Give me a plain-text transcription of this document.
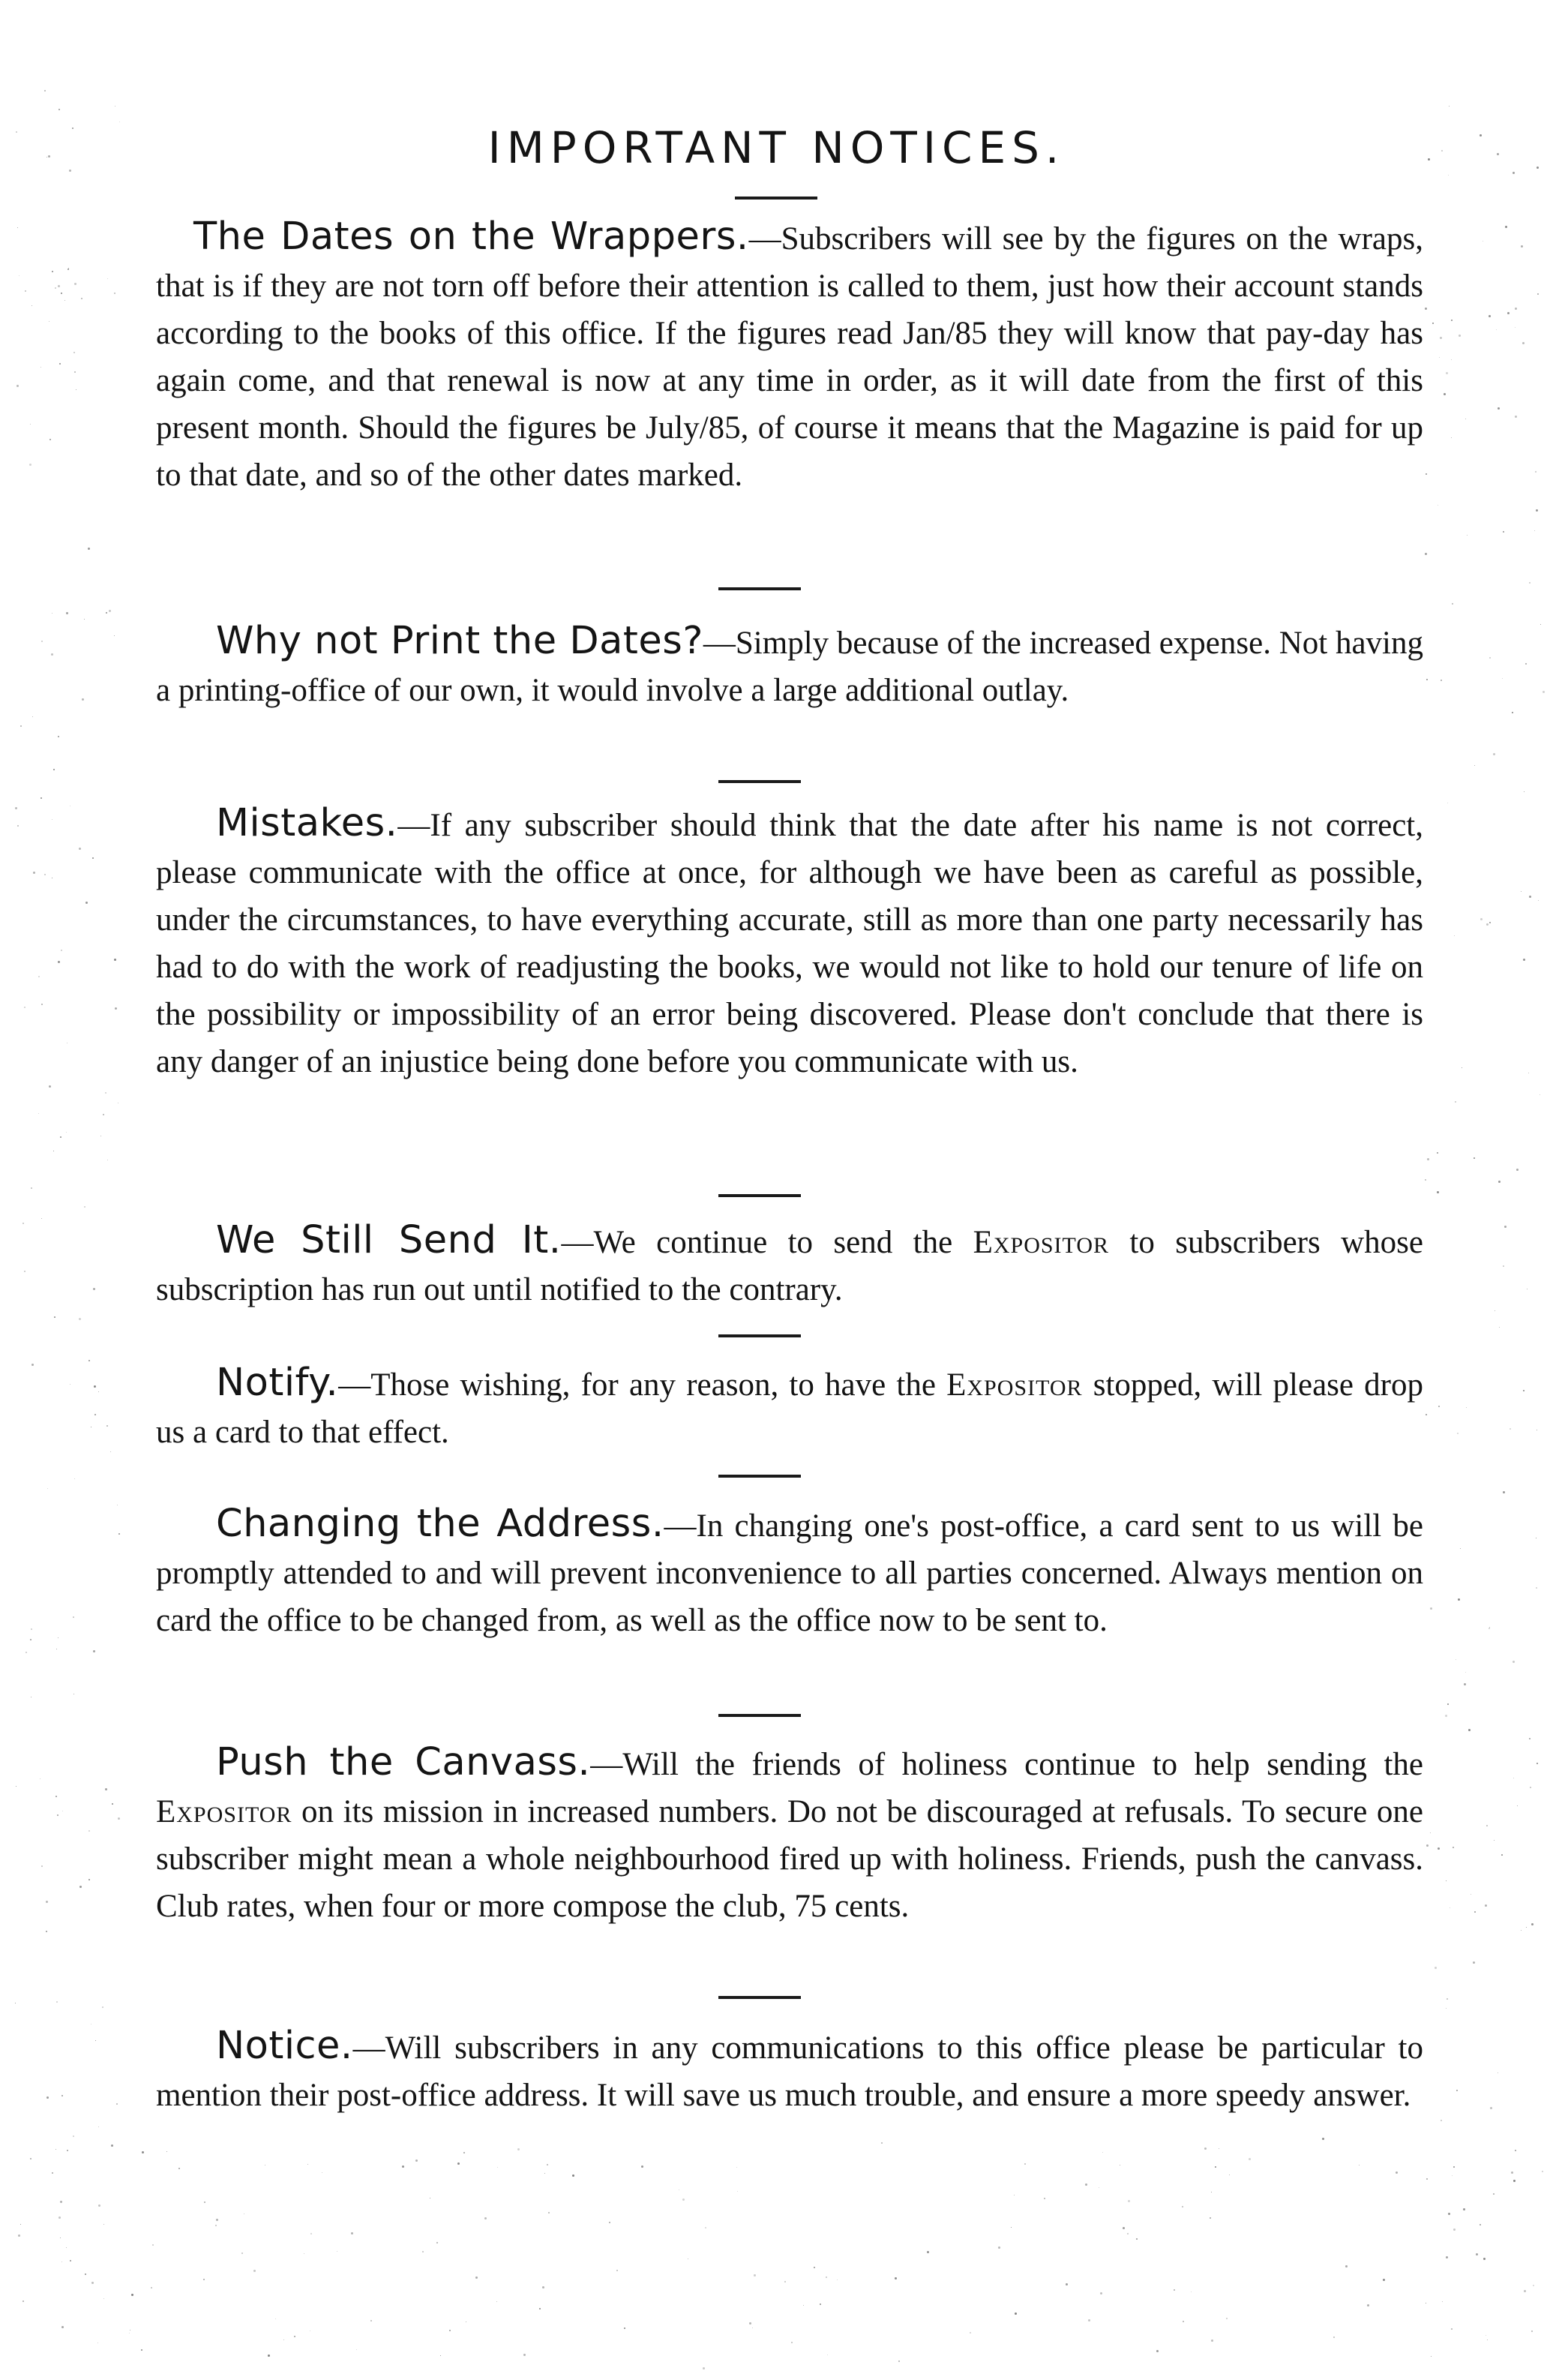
IMPORTANT NOTICES.

The Dates on the Wrappers.—Subscribers will see by the figures on the wraps, that is if they are not torn off before their attention is called to them, just how their account stands according to the books of this office. If the figures read Jan/85 they will know that pay-day has again come, and that renewal is now at any time in order, as it will date from the first of this present month. Should the figures be July/85, of course it means that the Magazine is paid for up to that date, and so of the other dates marked.

Why not Print the Dates?—Simply because of the increased expense. Not having a printing-office of our own, it would involve a large additional outlay.

Mistakes.—If any subscriber should think that the date after his name is not correct, please communicate with the office at once, for although we have been as careful as possible, under the circumstances, to have everything accurate, still as more than one party necessarily has had to do with the work of readjusting the books, we would not like to hold our tenure of life on the possibility or impossibility of an error being discovered. Please don't conclude that there is any danger of an injustice being done before you communicate with us.

We Still Send It.—We continue to send the Expositor to subscribers whose subscription has run out until notified to the contrary.

Notify.—Those wishing, for any reason, to have the Expositor stopped, will please drop us a card to that effect.

Changing the Address.—In changing one's post-office, a card sent to us will be promptly attended to and will prevent inconvenience to all parties concerned. Always mention on card the office to be changed from, as well as the office now to be sent to.

Push the Canvass.—Will the friends of holiness continue to help sending the Expositor on its mission in increased numbers. Do not be discouraged at refusals. To secure one subscriber might mean a whole neighbourhood fired up with holiness. Friends, push the canvass. Club rates, when four or more compose the club, 75 cents.

Notice.—Will subscribers in any communications to this office please be particular to mention their post-office address. It will save us much trouble, and ensure a more speedy answer.
